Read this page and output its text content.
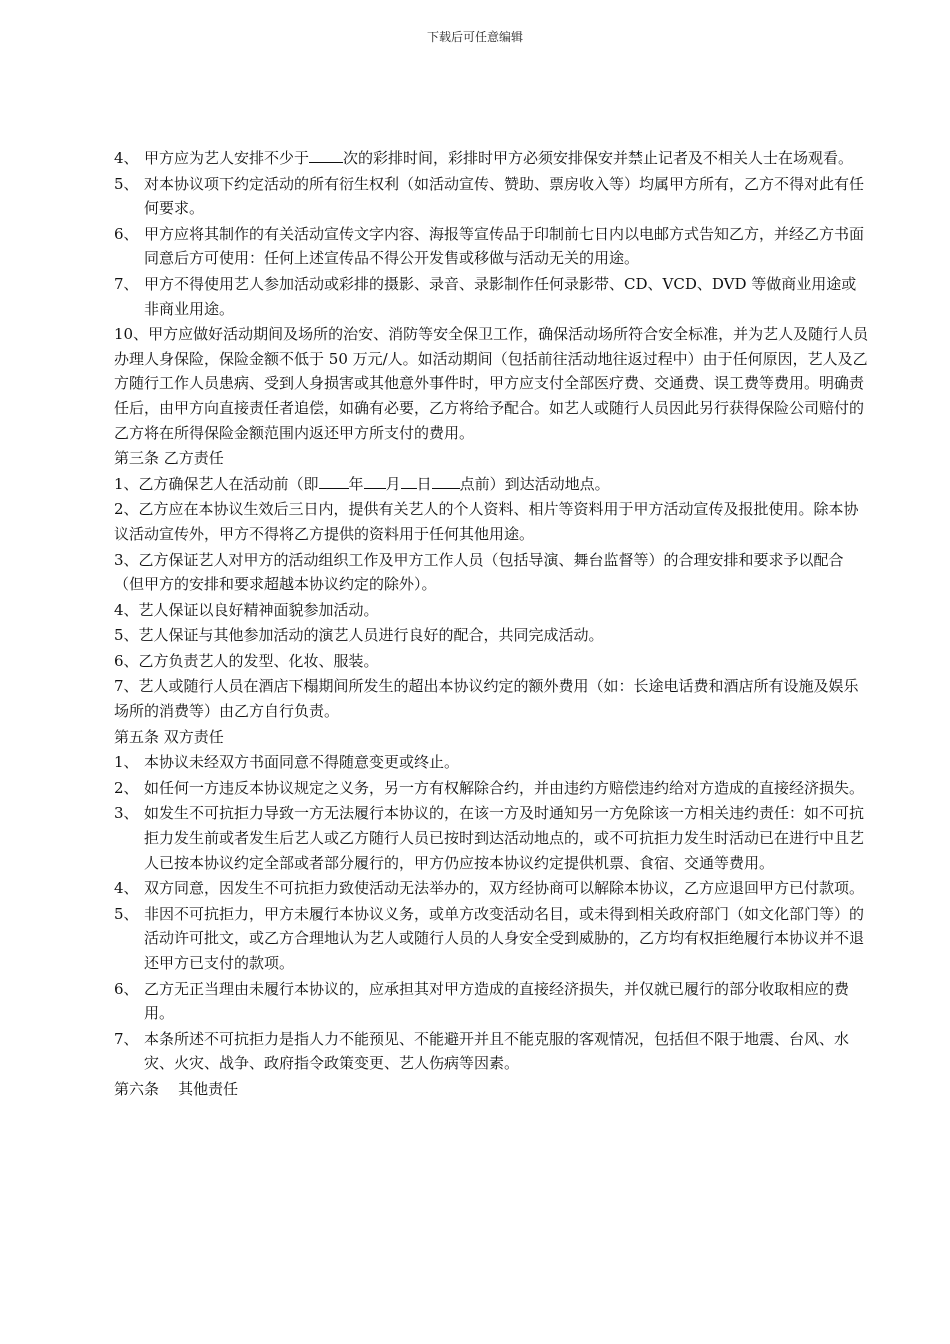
下载后可任意编辑
4、 甲方应为艺人安排不少于 次的彩排时间，彩排时甲方必须安排保安并禁止记者及不相关人士在场观看。
5、 对本协议项下约定活动的所有衍生权利（如活动宣传、赞助、票房收入等）均属甲方所有，乙方不得对此有任何要求。
6、 甲方应将其制作的有关活动宣传文字内容、海报等宣传品于印制前七日内以电邮方式告知乙方，并经乙方书面同意后方可使用：任何上述宣传品不得公开发售或移做与活动无关的用途。
7、 甲方不得使用艺人参加活动或彩排的摄影、录音、录影制作任何录影带、CD、VCD、DVD 等做商业用途或非商业用途。
10、甲方应做好活动期间及场所的治安、消防等安全保卫工作，确保活动场所符合安全标准，并为艺人及随行人员办理人身保险，保险金额不低于 50 万元/人。如活动期间（包括前往活动地往返过程中）由于任何原因，艺人及乙方随行工作人员患病、受到人身损害或其他意外事件时，甲方应支付全部医疗费、交通费、误工费等费用。明确责任后，由甲方向直接责任者追偿，如确有必要，乙方将给予配合。如艺人或随行人员因此另行获得保险公司赔付的乙方将在所得保险金额范围内返还甲方所支付的费用。
第三条 乙方责任
1、乙方确保艺人在活动前（即 年 月 日 点前）到达活动地点。
2、乙方应在本协议生效后三日内，提供有关艺人的个人资料、相片等资料用于甲方活动宣传及报批使用。除本协议活动宣传外，甲方不得将乙方提供的资料用于任何其他用途。
3、乙方保证艺人对甲方的活动组织工作及甲方工作人员（包括导演、舞台监督等）的合理安排和要求予以配合（但甲方的安排和要求超越本协议约定的除外）。
4、艺人保证以良好精神面貌参加活动。
5、艺人保证与其他参加活动的演艺人员进行良好的配合，共同完成活动。
6、乙方负责艺人的发型、化妆、服装。
7、艺人或随行人员在酒店下榻期间所发生的超出本协议约定的额外费用（如：长途电话费和酒店所有设施及娱乐场所的消费等）由乙方自行负责。
第五条 双方责任
1、 本协议未经双方书面同意不得随意变更或终止。
2、 如任何一方违反本协议规定之义务，另一方有权解除合约，并由违约方赔偿违约给对方造成的直接经济损失。
3、 如发生不可抗拒力导致一方无法履行本协议的，在该一方及时通知另一方免除该一方相关违约责任：如不可抗拒力发生前或者发生后艺人或乙方随行人员已按时到达活动地点的，或不可抗拒力发生时活动已在进行中且艺人已按本协议约定全部或者部分履行的，甲方仍应按本协议约定提供机票、食宿、交通等费用。
4、 双方同意，因发生不可抗拒力致使活动无法举办的，双方经协商可以解除本协议，乙方应退回甲方已付款项。
5、 非因不可抗拒力，甲方未履行本协议义务，或单方改变活动名目，或未得到相关政府部门（如文化部门等）的活动许可批文，或乙方合理地认为艺人或随行人员的人身安全受到威胁的，乙方均有权拒绝履行本协议并不退还甲方已支付的款项。
6、 乙方无正当理由未履行本协议的，应承担其对甲方造成的直接经济损失，并仅就已履行的部分收取相应的费用。
7、 本条所述不可抗拒力是指人力不能预见、不能避开并且不能克服的客观情况，包括但不限于地震、台风、水灾、火灾、战争、政府指令政策变更、艺人伤病等因素。
第六条    其他责任
